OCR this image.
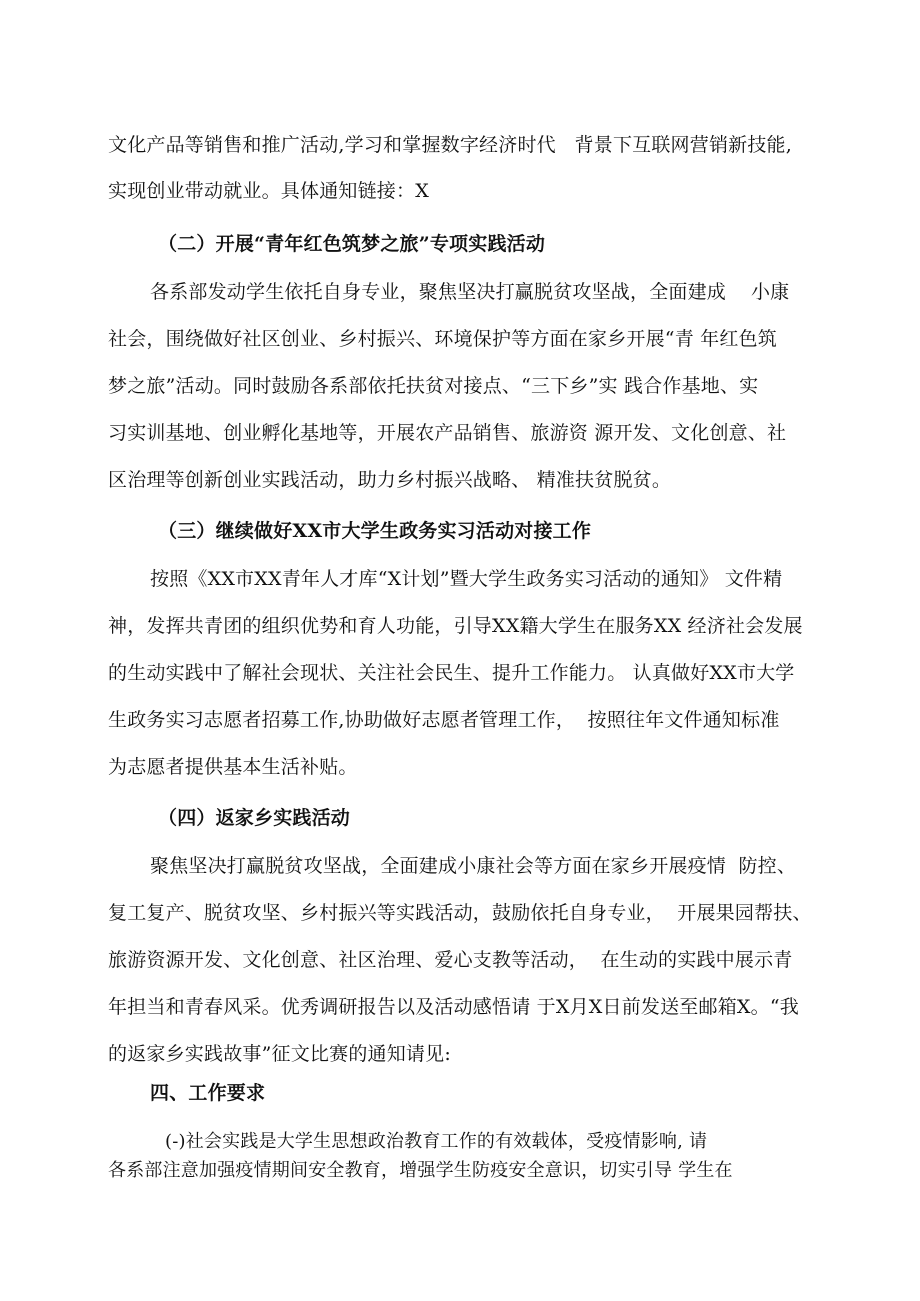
文化产品等销售和推广活动,学习和掌握数字经济时代   背景下互联网营销新技能,
实现创业带动就业。具体通知链接：X
（二）开展“青年红色筑梦之旅”专项实践活动
各系部发动学生依托自身专业，聚焦坚决打赢脱贫攻坚战，全面建成    小康
社会，围绕做好社区创业、乡村振兴、环境保护等方面在家乡开展“青 年红色筑
梦之旅”活动。同时鼓励各系部依托扶贫对接点、“三下乡”实 践合作基地、实
习实训基地、创业孵化基地等，开展农产品销售、旅游资 源开发、文化创意、社
区治理等创新创业实践活动，助力乡村振兴战略、 精准扶贫脱贫。
（三）继续做好XX市大学生政务实习活动对接工作
按照《XX市XX青年人才库“X计划”暨大学生政务实习活动的通知》 文件精
神，发挥共青团的组织优势和育人功能，引导XX籍大学生在服务XX 经济社会发展
的生动实践中了解社会现状、关注社会民生、提升工作能力。 认真做好XX市大学
生政务实习志愿者招募工作,协助做好志愿者管理工作，  按照往年文件通知标准
为志愿者提供基本生活补贴。
（四）返家乡实践活动
聚焦坚决打赢脱贫攻坚战，全面建成小康社会等方面在家乡开展疫情  防控、
复工复产、脱贫攻坚、乡村振兴等实践活动，鼓励依托自身专业，  开展果园帮扶、
旅游资源开发、文化创意、社区治理、爱心支教等活动，  在生动的实践中展示青
年担当和青春风采。优秀调研报告以及活动感悟请 于X月X日前发送至邮箱X。“我
的返家乡实践故事”征文比赛的通知请见:
四、工作要求
(-)社会实践是大学生思想政治教育工作的有效载体，受疫情影响, 请
各系部注意加强疫情期间安全教育，增强学生防疫安全意识，切实引导 学生在
